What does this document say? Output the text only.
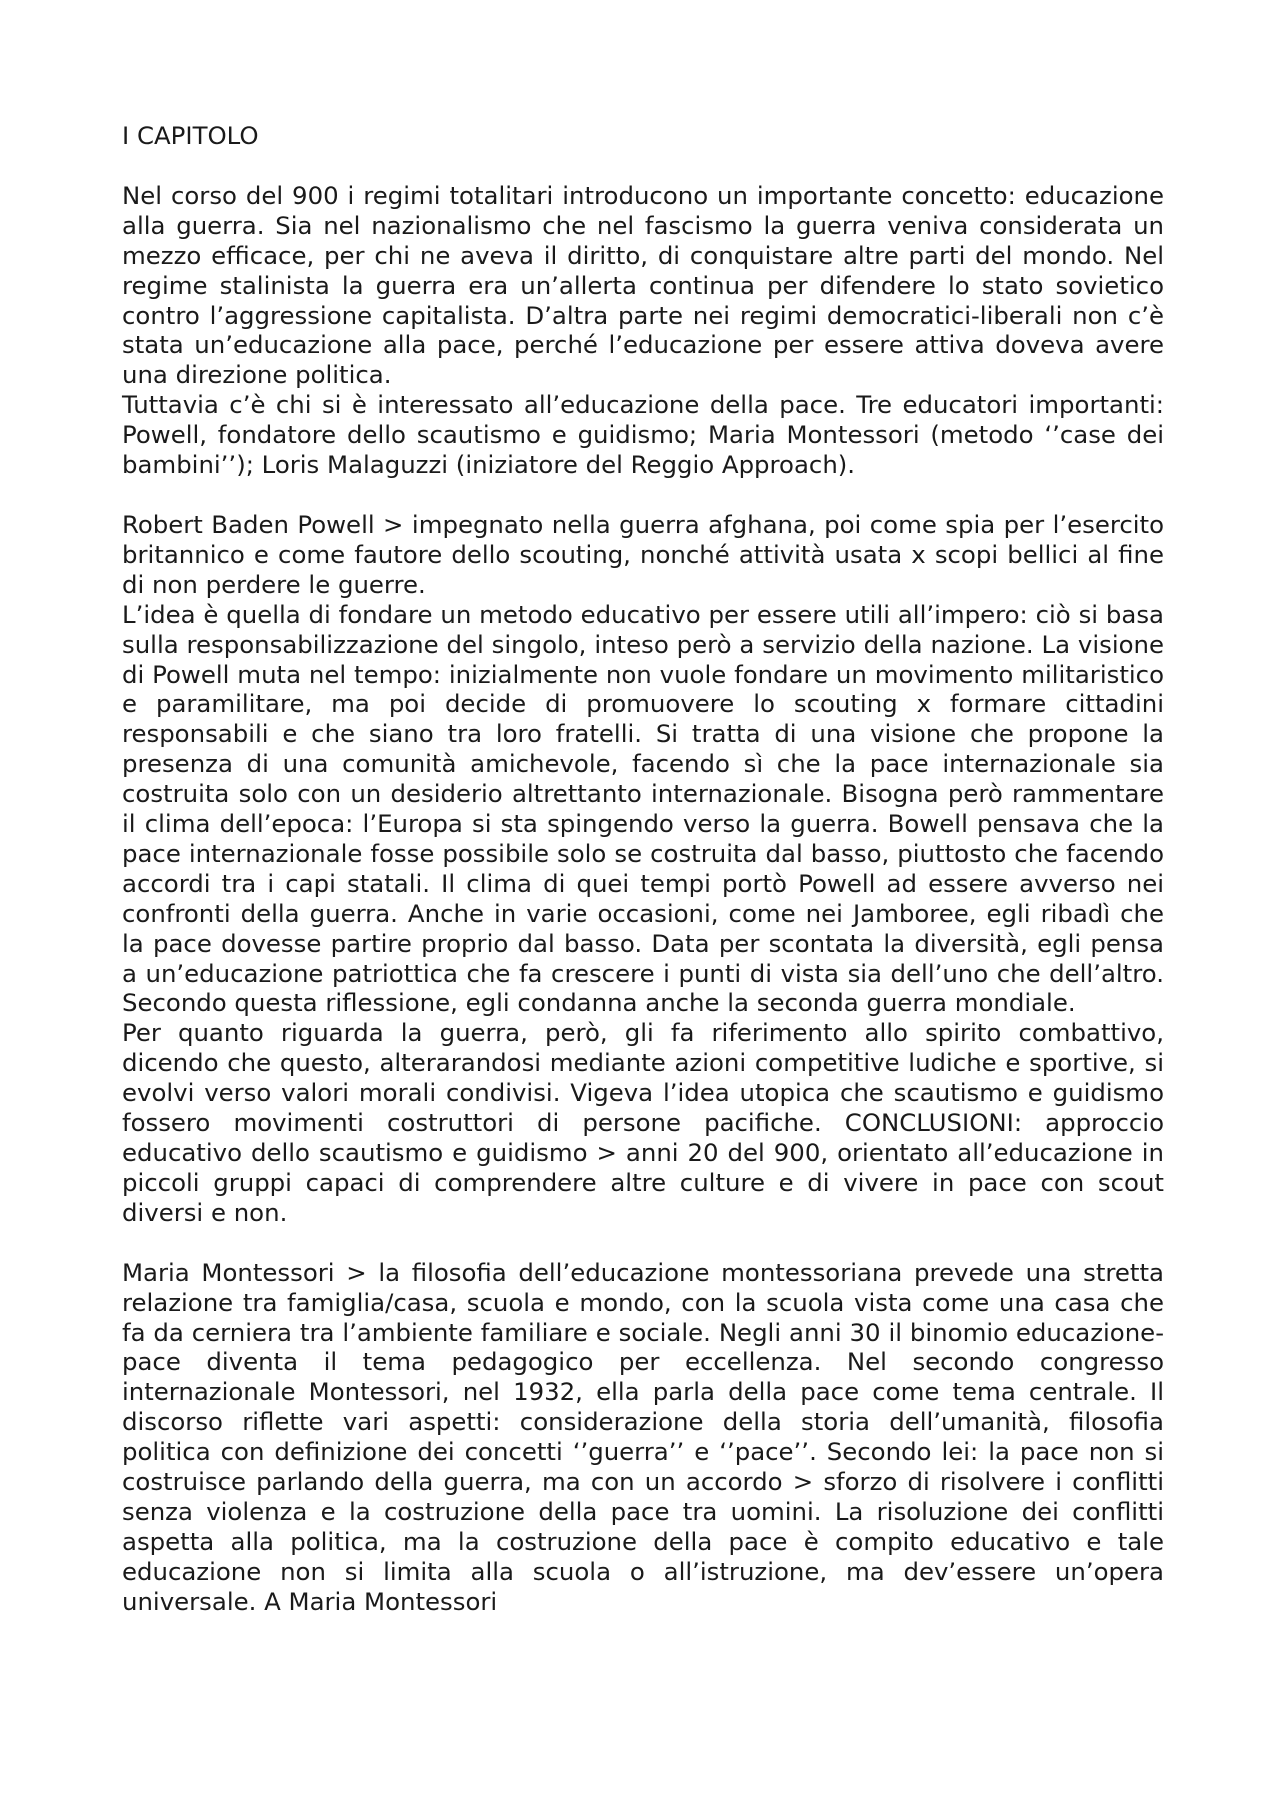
I CAPITOLO

Nel corso del 900 i regimi totalitari introducono un importante concetto: educazione alla guerra. Sia nel nazionalismo che nel fascismo la guerra veniva considerata un mezzo efficace, per chi ne aveva il diritto, di conquistare altre parti del mondo. Nel regime stalinista la guerra era un’allerta continua per difendere lo stato sovietico contro l’aggressione capitalista. D’altra parte nei regimi democratici-liberali non c’è stata un’educazione alla pace, perché l’educazione per essere attiva doveva avere una direzione politica.

Tuttavia c’è chi si è interessato all’educazione della pace. Tre educatori importanti: Powell, fondatore dello scautismo e guidismo; Maria Montessori (metodo ‘’case dei bambini’’); Loris Malaguzzi (iniziatore del Reggio Approach).

Robert Baden Powell > impegnato nella guerra afghana, poi come spia per l’esercito britannico e come fautore dello scouting, nonché attività usata x scopi bellici al fine di non perdere le guerre.

L’idea è quella di fondare un metodo educativo per essere utili all’impero: ciò si basa sulla responsabilizzazione del singolo, inteso però a servizio della nazione. La visione di Powell muta nel tempo: inizialmente non vuole fondare un movimento militaristico e paramilitare, ma poi decide di promuovere lo scouting x formare cittadini responsabili e che siano tra loro fratelli. Si tratta di una visione che propone la presenza di una comunità amichevole, facendo sì che la pace internazionale sia costruita solo con un desiderio altrettanto internazionale. Bisogna però rammentare il clima dell’epoca: l’Europa si sta spingendo verso la guerra. Bowell pensava che la pace internazionale fosse possibile solo se costruita dal basso, piuttosto che facendo accordi tra i capi statali. Il clima di quei tempi portò Powell ad essere avverso nei confronti della guerra. Anche in varie occasioni, come nei Jamboree, egli ribadì che la pace dovesse partire proprio dal basso. Data per scontata la diversità, egli pensa a un’educazione patriottica che fa crescere i punti di vista sia dell’uno che dell’altro. Secondo questa riflessione, egli condanna anche la seconda guerra mondiale.

Per quanto riguarda la guerra, però, gli fa riferimento allo spirito combattivo, dicendo che questo, alterarandosi mediante azioni competitive ludiche e sportive, si evolvi verso valori morali condivisi. Vigeva l’idea utopica che scautismo e guidismo fossero movimenti costruttori di persone pacifiche. CONCLUSIONI: approccio educativo dello scautismo e guidismo > anni 20 del 900, orientato all’educazione in piccoli gruppi capaci di comprendere altre culture e di vivere in pace con scout diversi e non.

Maria Montessori > la filosofia dell’educazione montessoriana prevede una stretta relazione tra famiglia/casa, scuola e mondo, con la scuola vista come una casa che fa da cerniera tra l’ambiente familiare e sociale. Negli anni 30 il binomio educazione-pace diventa il tema pedagogico per eccellenza. Nel secondo congresso internazionale Montessori, nel 1932, ella parla della pace come tema centrale. Il discorso riflette vari aspetti: considerazione della storia dell’umanità, filosofia politica con definizione dei concetti ‘’guerra’’ e ‘’pace’’. Secondo lei: la pace non si costruisce parlando della guerra, ma con un accordo > sforzo di risolvere i conflitti senza violenza e la costruzione della pace tra uomini. La risoluzione dei conflitti aspetta alla politica, ma la costruzione della pace è compito educativo e tale educazione non si limita alla scuola o all’istruzione, ma dev’essere un’opera universale. A Maria Montessori
